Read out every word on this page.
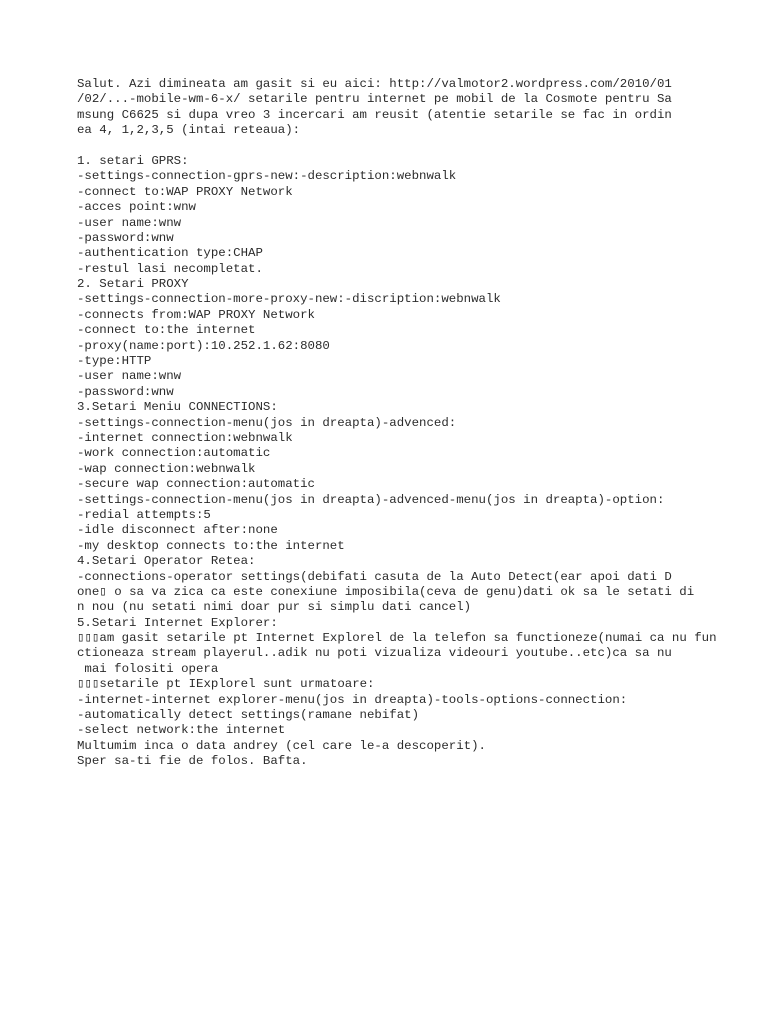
Salut. Azi dimineata am gasit si eu aici: http://valmotor2.wordpress.com/2010/01
/02/...-mobile-wm-6-x/ setarile pentru internet pe mobil de la Cosmote pentru Sa
msung C6625 si dupa vreo 3 incercari am reusit (atentie setarile se fac in ordin
ea 4, 1,2,3,5 (intai reteaua):
1. setari GPRS:
-settings-connection-gprs-new:-description:webnwalk
-connect to:WAP PROXY Network
-acces point:wnw
-user name:wnw
-password:wnw
-authentication type:CHAP
-restul lasi necompletat.
2. Setari PROXY
-settings-connection-more-proxy-new:-discription:webnwalk
-connects from:WAP PROXY Network
-connect to:the internet
-proxy(name:port):10.252.1.62:8080
-type:HTTP
-user name:wnw
-password:wnw
3.Setari Meniu CONNECTIONS:
-settings-connection-menu(jos in dreapta)-advenced:
-internet connection:webnwalk
-work connection:automatic
-wap connection:webnwalk
-secure wap connection:automatic
-settings-connection-menu(jos in dreapta)-advenced-menu(jos in dreapta)-option:
-redial attempts:5
-idle disconnect after:none
-my desktop connects to:the internet
4.Setari Operator Retea:
-connections-operator settings(debifati casuta de la Auto Detect(ear apoi dati D
one▯ o sa va zica ca este conexiune imposibila(ceva de genu)dati ok sa le setati di
n nou (nu setati nimi doar pur si simplu dati cancel)
5.Setari Internet Explorer:
▯▯▯am gasit setarile pt Internet Explorel de la telefon sa functioneze(numai ca nu fun
ctioneaza stream playerul..adik nu poti vizualiza videouri youtube..etc)ca sa nu
mai folositi opera
▯▯▯setarile pt IExplorel sunt urmatoare:
-internet-internet explorer-menu(jos in dreapta)-tools-options-connection:
-automatically detect settings(ramane nebifat)
-select network:the internet
Multumim inca o data andrey (cel care le-a descoperit).
Sper sa-ti fie de folos. Bafta.
